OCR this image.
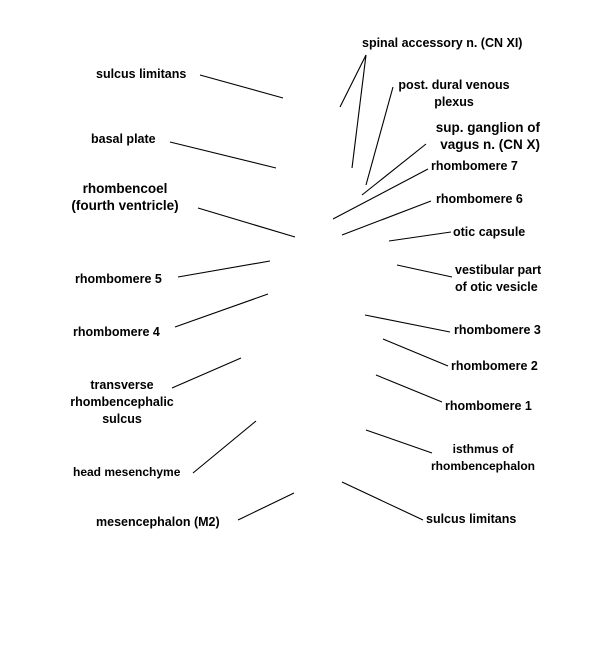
sulcus limitans
basal plate
rhombencoel
(fourth ventricle)
rhombomere 5
rhombomere 4
transverse
rhombencephalic
sulcus
head mesenchyme
mesencephalon (M2)
spinal accessory n. (CN XI)
post. dural venous
plexus
sup. ganglion of
vagus n. (CN X)
rhombomere 7
rhombomere 6
otic capsule
vestibular part
of otic vesicle
rhombomere 3
rhombomere 2
rhombomere 1
isthmus of
rhombencephalon
sulcus limitans
